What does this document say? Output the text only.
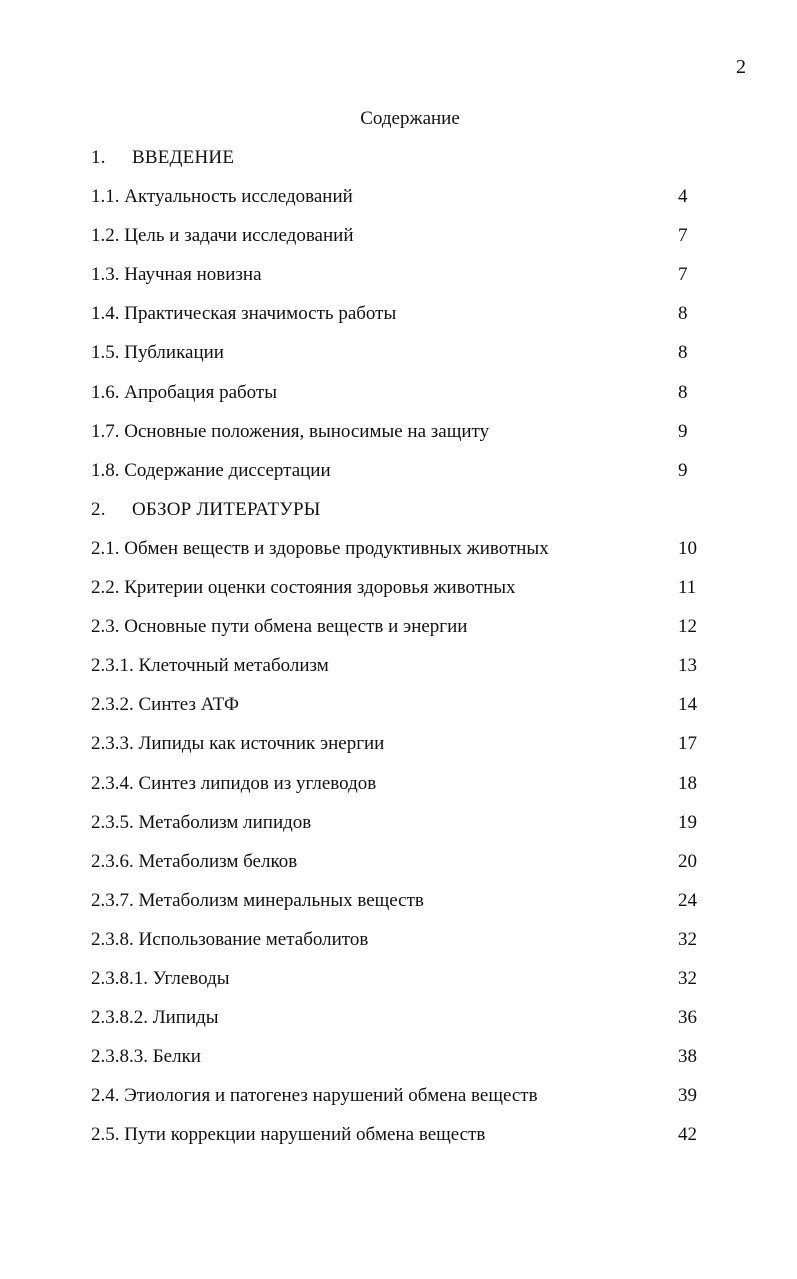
2
Содержание
1. ВВЕДЕНИЕ
1.1. Актуальность исследований	4
1.2. Цель и задачи исследований	7
1.3. Научная новизна	7
1.4. Практическая значимость работы	8
1.5. Публикации	8
1.6. Апробация работы	8
1.7. Основные положения, выносимые на защиту	9
1.8. Содержание диссертации	9
2. ОБЗОР ЛИТЕРАТУРЫ
2.1. Обмен веществ и здоровье продуктивных животных	10
2.2. Критерии оценки состояния здоровья животных	11
2.3. Основные пути обмена веществ и энергии	12
2.3.1. Клеточный метаболизм	13
2.3.2. Синтез АТФ	14
2.3.3. Липиды как источник энергии	17
2.3.4. Синтез липидов из углеводов	18
2.3.5. Метаболизм липидов	19
2.3.6. Метаболизм белков	20
2.3.7. Метаболизм минеральных веществ	24
2.3.8. Использование метаболитов	32
2.3.8.1. Углеводы	32
2.3.8.2. Липиды	36
2.3.8.3. Белки	38
2.4. Этиология и патогенез нарушений обмена веществ	39
2.5. Пути коррекции нарушений обмена веществ	42
